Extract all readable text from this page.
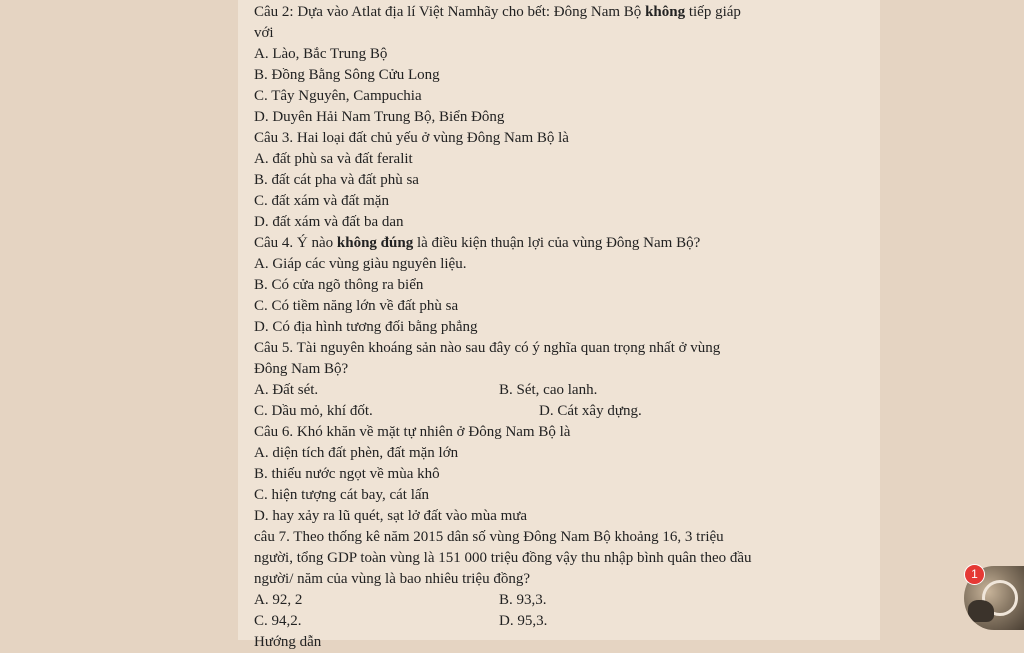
Câu 2: Dựa vào Atlat địa lí Việt Namhãy cho bết: Đông Nam Bộ không tiếp giáp
với
A. Lào, Bắc Trung Bộ
B. Đồng Bằng Sông Cửu Long
C. Tây Nguyên, Campuchia
D. Duyên Hải Nam Trung Bộ, Biển Đông
Câu 3. Hai loại đất chủ yếu ở vùng Đông Nam Bộ là
A. đất phù sa và đất feralit
B. đất cát pha và đất phù sa
C. đất xám và đất mặn
D. đất xám và đất ba dan
Câu 4. Ý nào không đúng là điều kiện thuận lợi của vùng Đông Nam Bộ?
A. Giáp các vùng giàu nguyên liệu.
B. Có cửa ngõ thông ra biển
C. Có tiềm năng lớn về đất phù sa
D. Có địa hình tương đối bằng phẳng
Câu 5. Tài nguyên khoáng sản nào sau đây có ý nghĩa quan trọng nhất ở vùng
Đông Nam Bộ?
A. Đất sét.	B. Sét, cao lanh.
C. Dầu mỏ, khí đốt.	D. Cát xây dựng.
Câu 6. Khó khăn về mặt tự nhiên ở Đông Nam Bộ là
A. diện tích đất phèn, đất mặn lớn
B. thiếu nước ngọt về mùa khô
C. hiện tượng cát bay, cát lấn
D. hay xảy ra lũ quét, sạt lở đất vào mùa mưa
câu 7. Theo thống kê năm 2015 dân số vùng Đông Nam Bộ khoảng 16, 3 triệu
người, tổng GDP toàn vùng là 151 000 triệu đồng vậy thu nhập bình quân theo đầu
người/ năm của vùng là bao nhiêu triệu đồng?
A. 92, 2	B. 93,3.
C. 94,2.	D. 95,3.
Hướng dẫn
1
